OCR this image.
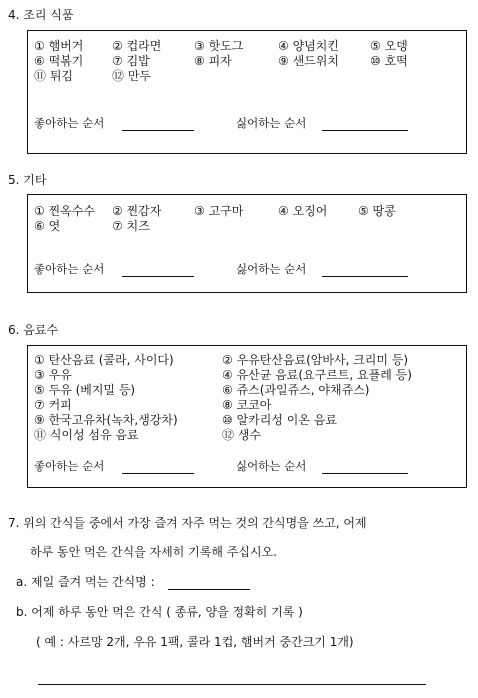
4. 조리 식품
① 햄버거 ② 컵라면	③ 핫도그	④ 양념치킨	⑤ 오뎅
⑥ 떡볶기 ⑦ 김밥	⑧ 피자	⑨ 샌드위치	⑩ 호떡
⑪ 튀김	⑫ 만두
좋아하는 순서	싫어하는 순서
5. 기타
① 찐옥수수 ② 찐감자	③ 고구마	④ 오징어	⑤ 땅콩
⑥ 엿	⑦ 치즈
좋아하는 순서	싫어하는 순서
6. 음료수
① 탄산음료 (콜라, 사이다)	② 우유탄산음료(암바사, 크리미 등)
③ 우유	④ 유산균 음료(요구르트, 요플레 등)
⑤ 두유 (베지밀 등)	⑥ 쥬스(과일쥬스, 야채쥬스)
⑦ 커피	⑧ 코코아
⑨ 한국고유차(녹차,생강차)	⑩ 알카리성 이온 음료
⑪ 식이성 섬유 음료	⑫ 생수
좋아하는 순서	싫어하는 순서
7. 위의 간식들 중에서 가장 즐겨 자주 먹는 것의 간식명을 쓰고, 어제
하루 동안 먹은 간식을 자세히 기록해 주십시오.
a. 제일 즐겨 먹는 간식명 :
b. 어제 하루 동안 먹은 간식 ( 종류, 양을 정확히 기록 )
( 예 : 사르망 2개, 우유 1팩, 콜라 1컵, 햄버거 중간크기 1개)
